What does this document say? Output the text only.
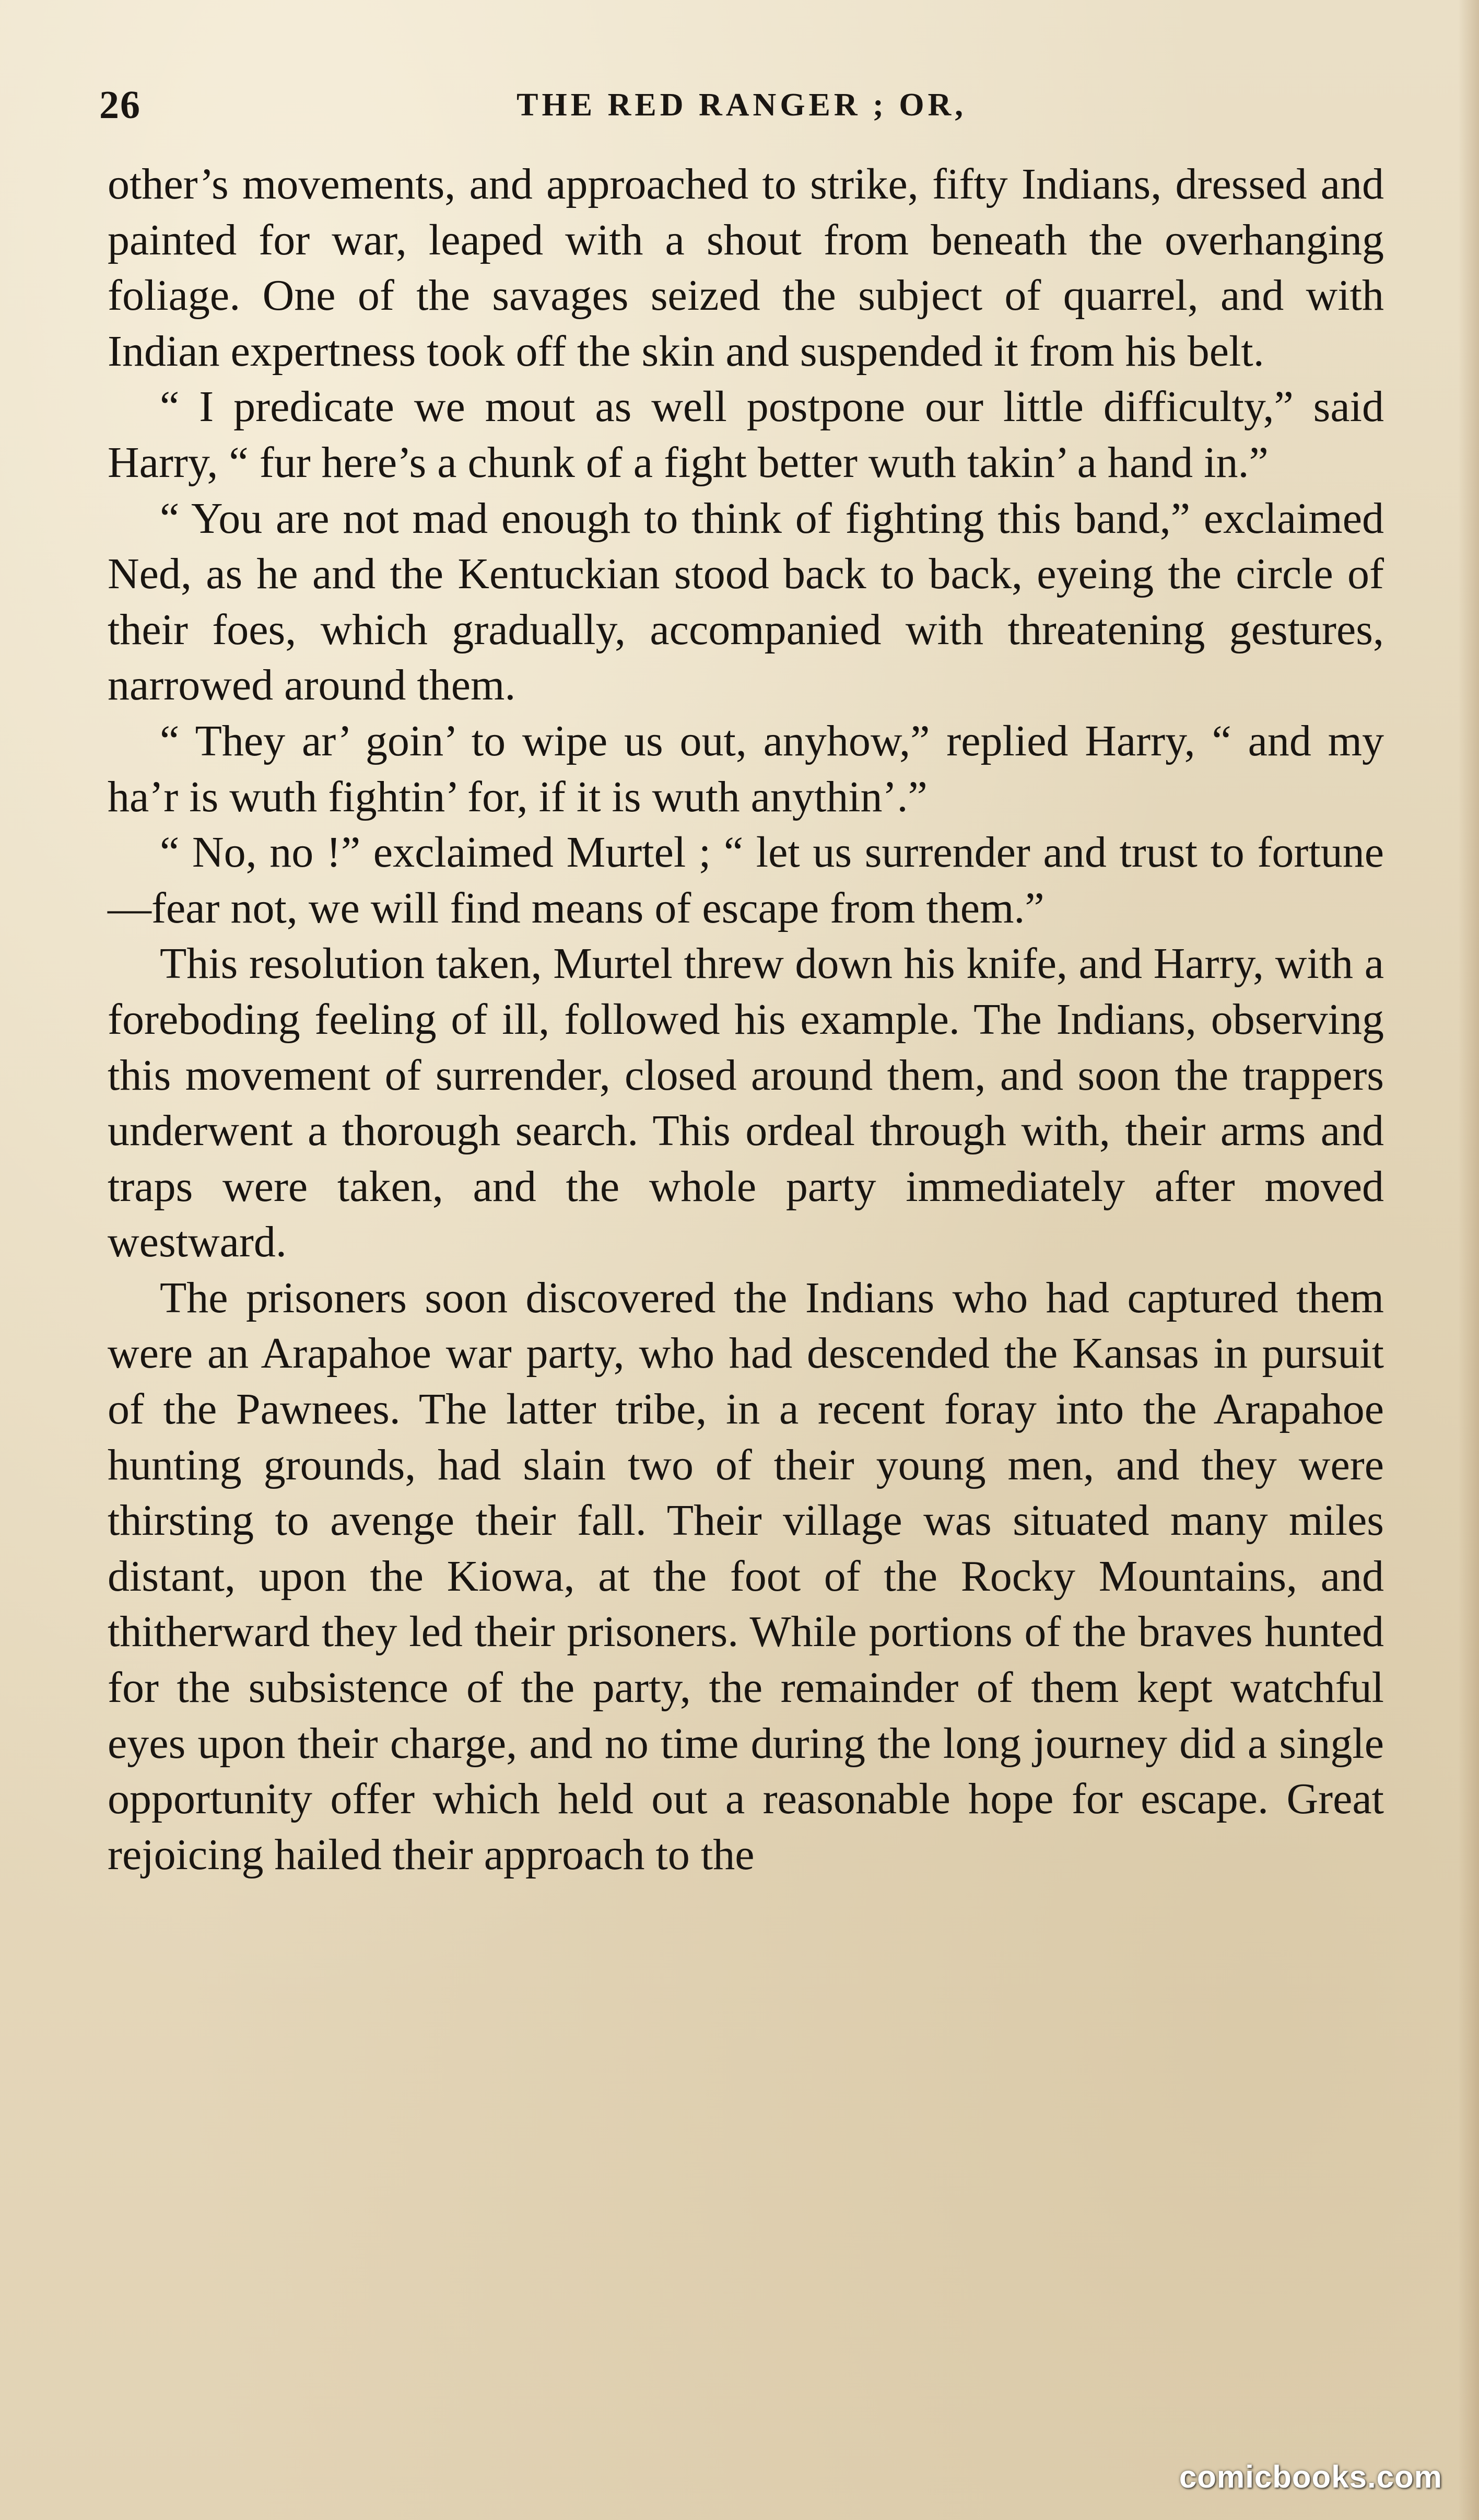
26	THE RED RANGER ; OR,

other’s movements, and approached to strike, fifty Indians, dressed and painted for war, leaped with a shout from beneath the overhanging foliage. One of the savages seized the subject of quarrel, and with Indian expertness took off the skin and suspended it from his belt.

“ I predicate we mout as well postpone our little difficulty,” said Harry, “ fur here’s a chunk of a fight better wuth takin’ a hand in.”

“ You are not mad enough to think of fighting this band,” exclaimed Ned, as he and the Kentuckian stood back to back, eyeing the circle of their foes, which gradually, accompanied with threatening gestures, narrowed around them.

“ They ar’ goin’ to wipe us out, anyhow,” replied Harry, “ and my ha’r is wuth fightin’ for, if it is wuth anythin’.”

“ No, no !” exclaimed Murtel ; “ let us surrender and trust to fortune—fear not, we will find means of escape from them.”

This resolution taken, Murtel threw down his knife, and Harry, with a foreboding feeling of ill, followed his example. The Indians, observing this movement of surrender, closed around them, and soon the trappers underwent a thorough search. This ordeal through with, their arms and traps were taken, and the whole party immediately after moved westward.

The prisoners soon discovered the Indians who had captured them were an Arapahoe war party, who had descended the Kansas in pursuit of the Pawnees. The latter tribe, in a recent foray into the Arapahoe hunting grounds, had slain two of their young men, and they were thirsting to avenge their fall. Their village was situated many miles distant, upon the Kiowa, at the foot of the Rocky Mountains, and thitherward they led their prisoners. While portions of the braves hunted for the subsistence of the party, the remainder of them kept watchful eyes upon their charge, and no time during the long journey did a single opportunity offer which held out a reasonable hope for escape. Great rejoicing hailed their approach to the

comicbooks.com
